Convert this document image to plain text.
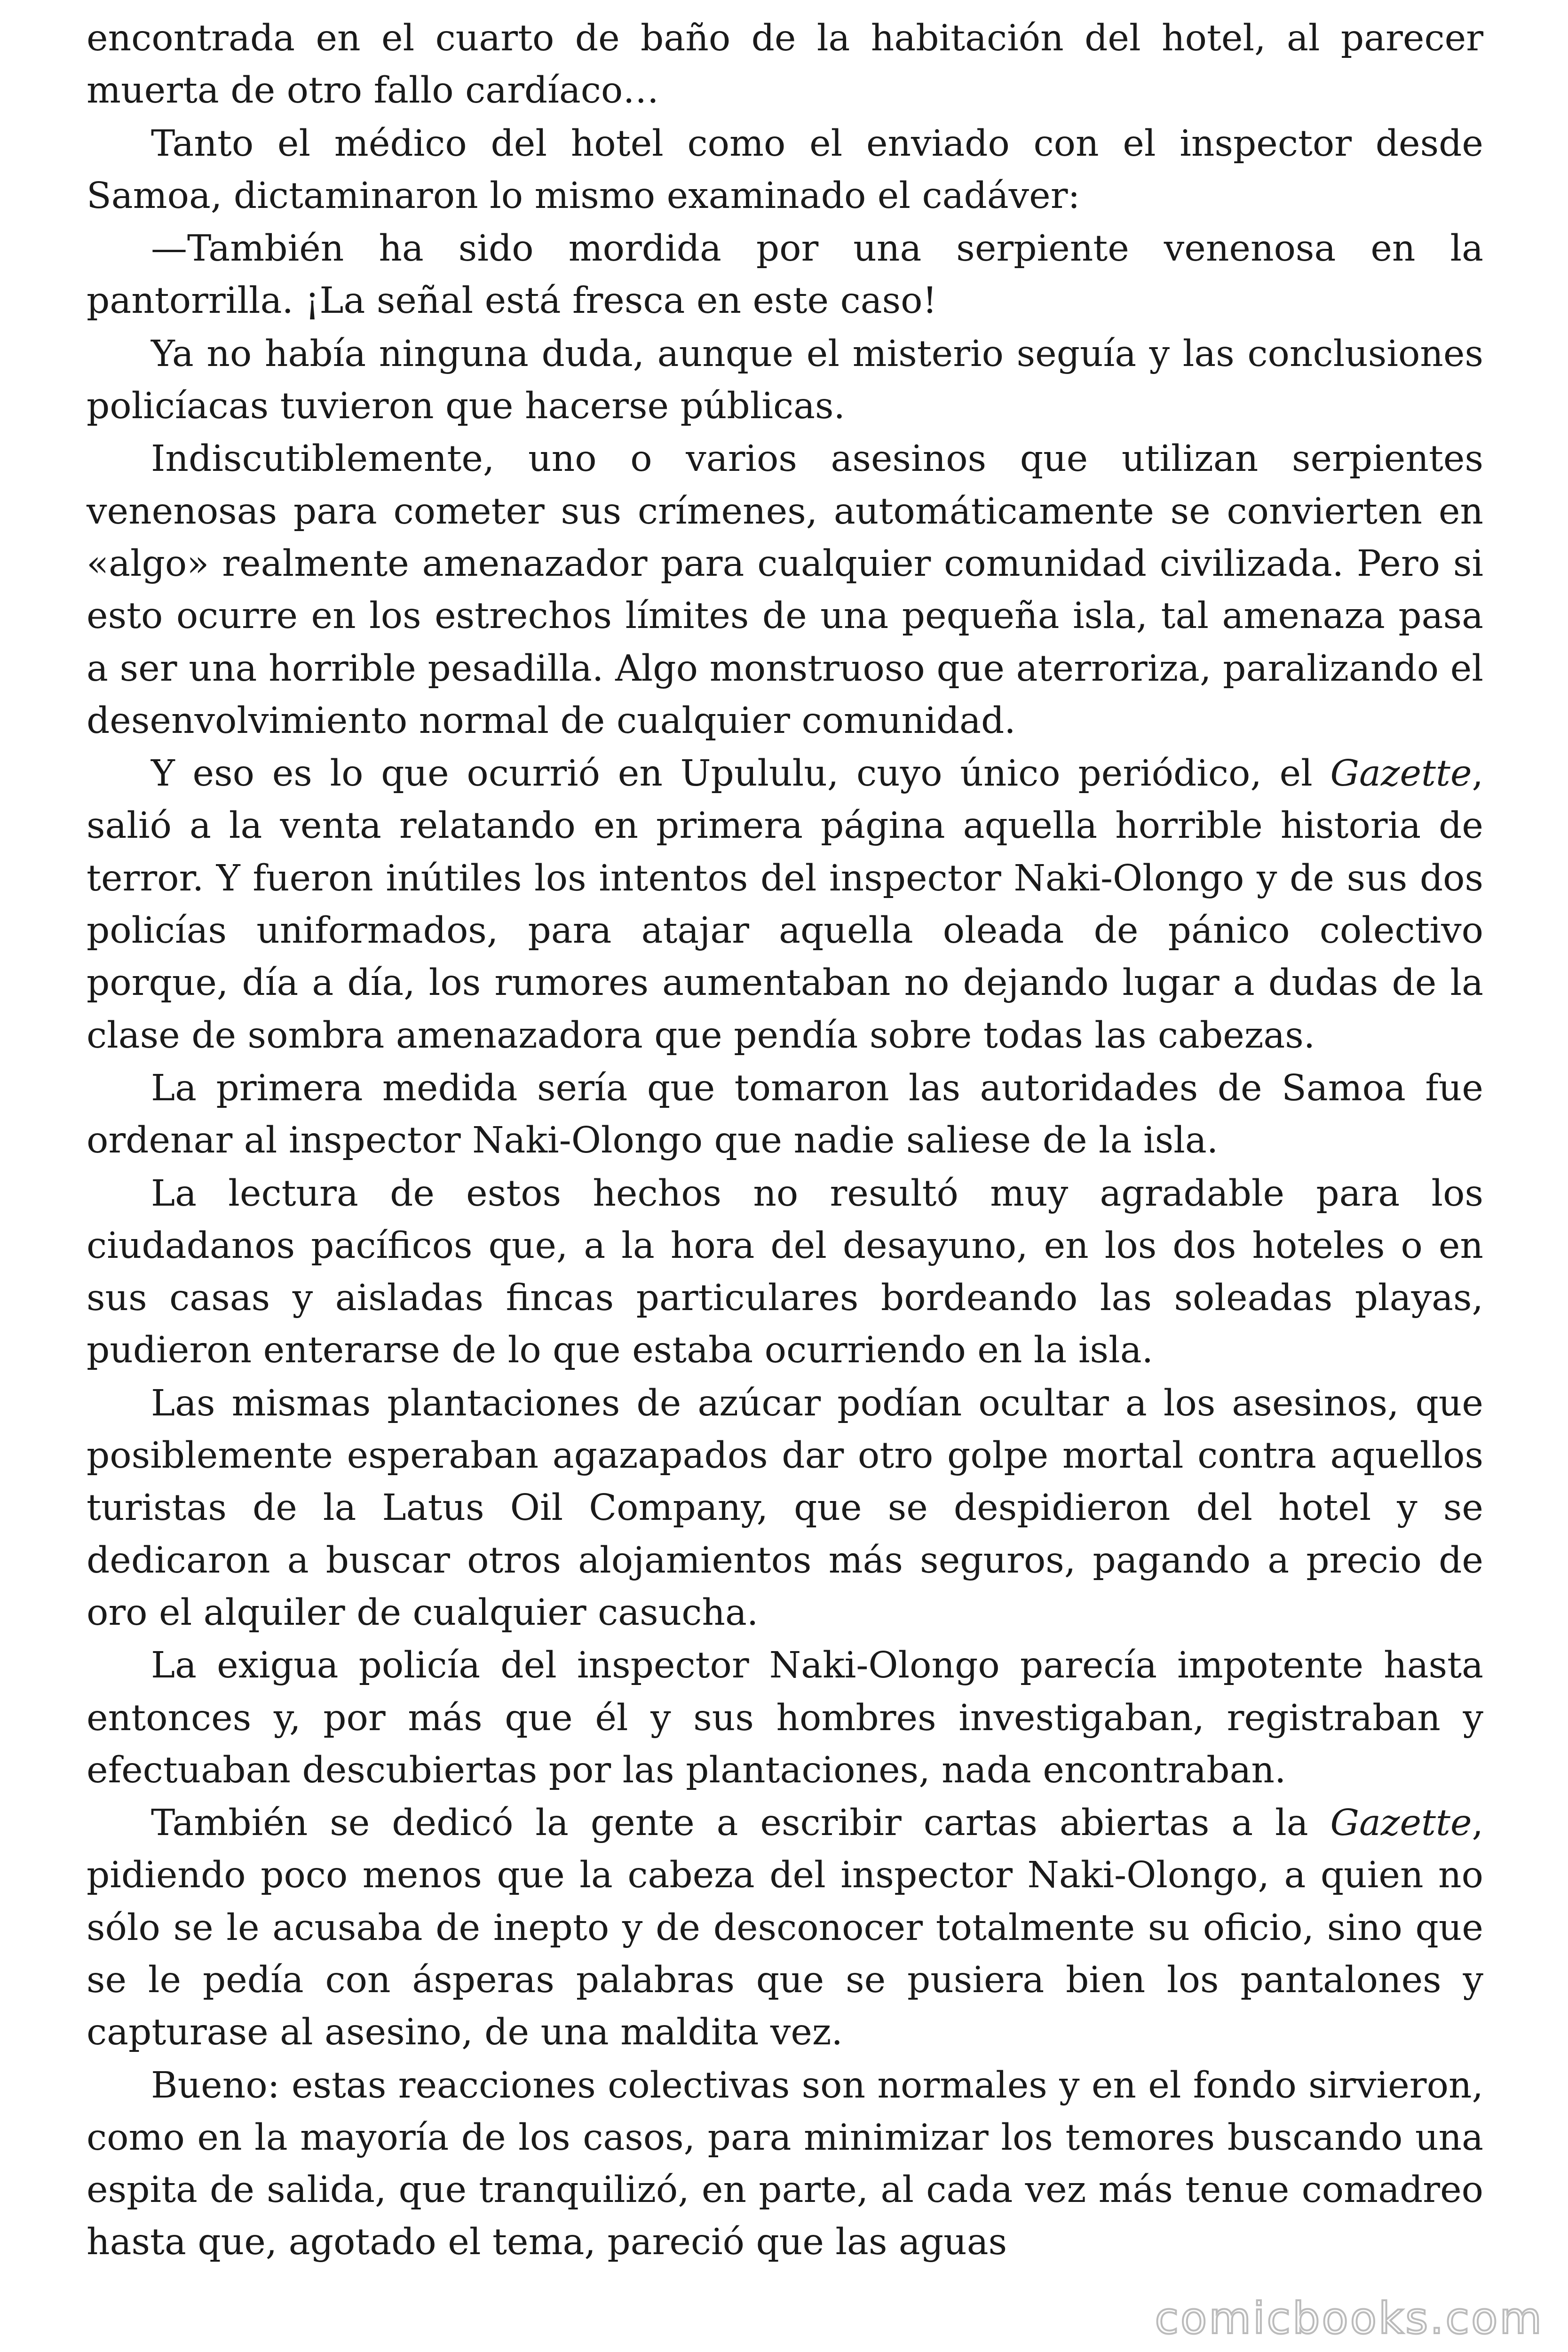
encontrada en el cuarto de baño de la habitación del hotel, al parecer muerta de otro fallo cardíaco…

Tanto el médico del hotel como el enviado con el inspector desde Samoa, dictaminaron lo mismo examinado el cadáver:

—También ha sido mordida por una serpiente venenosa en la pantorrilla. ¡La señal está fresca en este caso!

Ya no había ninguna duda, aunque el misterio seguía y las conclusiones policíacas tuvieron que hacerse públicas.

Indiscutiblemente, uno o varios asesinos que utilizan serpientes venenosas para cometer sus crímenes, automáticamente se convierten en «algo» realmente amenazador para cualquier comunidad civilizada. Pero si esto ocurre en los estrechos límites de una pequeña isla, tal amenaza pasa a ser una horrible pesadilla. Algo monstruoso que aterroriza, paralizando el desenvolvimiento normal de cualquier comunidad.

Y eso es lo que ocurrió en Upululu, cuyo único periódico, el Gazette, salió a la venta relatando en primera página aquella horrible historia de terror. Y fueron inútiles los intentos del inspector Naki-Olongo y de sus dos policías uniformados, para atajar aquella oleada de pánico colectivo porque, día a día, los rumores aumentaban no dejando lugar a dudas de la clase de sombra amenazadora que pendía sobre todas las cabezas.

La primera medida sería que tomaron las autoridades de Samoa fue ordenar al inspector Naki-Olongo que nadie saliese de la isla.

La lectura de estos hechos no resultó muy agradable para los ciudadanos pacíficos que, a la hora del desayuno, en los dos hoteles o en sus casas y aisladas fincas particulares bordeando las soleadas playas, pudieron enterarse de lo que estaba ocurriendo en la isla.

Las mismas plantaciones de azúcar podían ocultar a los asesinos, que posiblemente esperaban agazapados dar otro golpe mortal contra aquellos turistas de la Latus Oil Company, que se despidieron del hotel y se dedicaron a buscar otros alojamientos más seguros, pagando a precio de oro el alquiler de cualquier casucha.

La exigua policía del inspector Naki-Olongo parecía impotente hasta entonces y, por más que él y sus hombres investigaban, registraban y efectuaban descubiertas por las plantaciones, nada encontraban.

También se dedicó la gente a escribir cartas abiertas a la Gazette, pidiendo poco menos que la cabeza del inspector Naki-Olongo, a quien no sólo se le acusaba de inepto y de desconocer totalmente su oficio, sino que se le pedía con ásperas palabras que se pusiera bien los pantalones y capturase al asesino, de una maldita vez.

Bueno: estas reacciones colectivas son normales y en el fondo sirvieron, como en la mayoría de los casos, para minimizar los temores buscando una espita de salida, que tranquilizó, en parte, al cada vez más tenue comadreo hasta que, agotado el tema, pareció que las aguas

comicbooks.com
